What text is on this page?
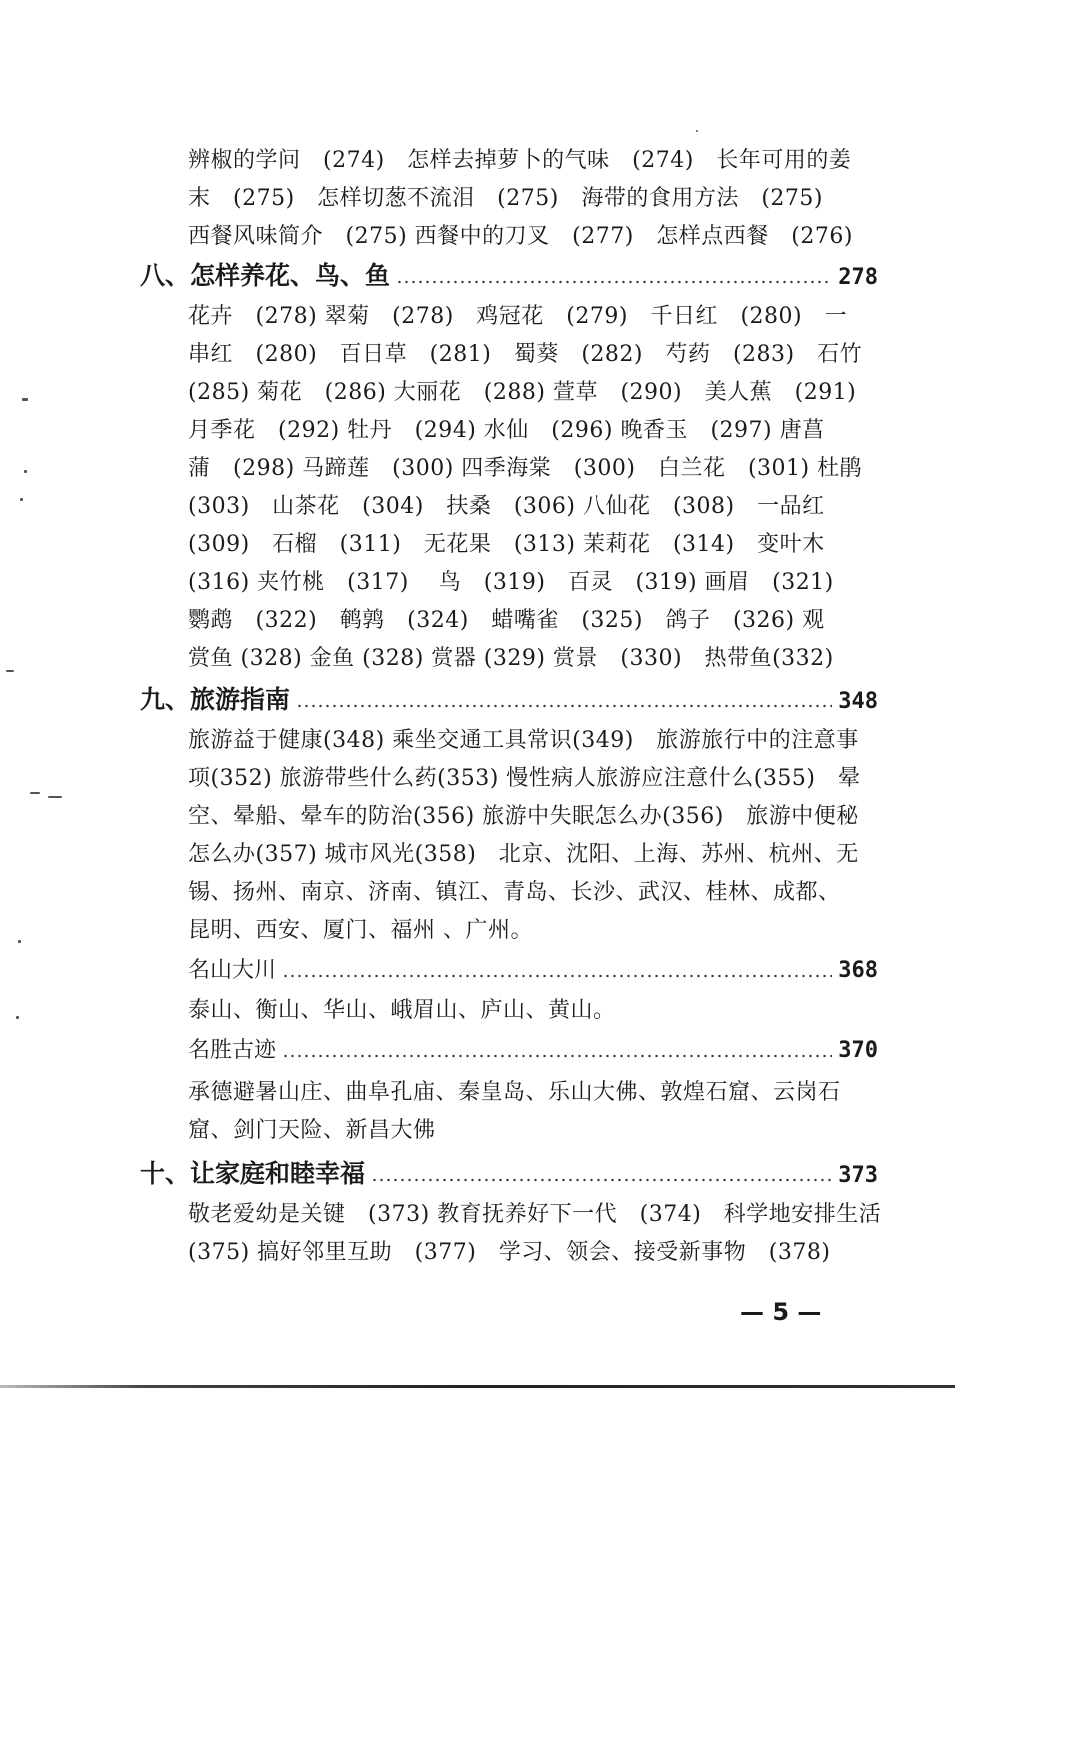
辨椒的学问　(274)　怎样去掉萝卜的气味　(274)　长年可用的姜
末　(275)　怎样切葱不流泪　(275)　海带的食用方法　(275)
西餐风味简介　(275) 西餐中的刀叉　(277)　怎样点西餐　(276)
八、怎样养花、鸟、鱼	278
花卉　(278) 翠菊　(278)　鸡冠花　(279)　千日红　(280)　一
串红　(280)　百日草　(281)　蜀葵　(282)　芍药　(283)　石竹
(285) 菊花　(286) 大丽花　(288) 萱草　(290)　美人蕉　(291)
月季花　(292) 牡丹　(294) 水仙　(296) 晚香玉　(297) 唐菖
蒲　(298) 马蹄莲　(300) 四季海棠　(300)　白兰花　(301) 杜鹃
(303)　山茶花　(304)　扶桑　(306) 八仙花　(308)　一品红
(309)　石榴　(311)　无花果　(313) 茉莉花　(314)　变叶木
(316) 夹竹桃　(317)　 鸟　(319)　百灵　(319) 画眉　(321)
鹦鹉　(322)　鹌鹑　(324)　蜡嘴雀　(325)　鸽子　(326) 观
赏鱼 (328) 金鱼 (328) 赏器 (329) 赏景　(330)　热带鱼(332)
九、旅游指南	348
旅游益于健康(348) 乘坐交通工具常识(349)　旅游旅行中的注意事
项(352) 旅游带些什么药(353) 慢性病人旅游应注意什么(355)　晕
空、晕船、晕车的防治(356) 旅游中失眠怎么办(356)　旅游中便秘
怎么办(357) 城市风光(358)　北京、沈阳、上海、苏州、杭州、无
锡、扬州、南京、济南、镇江、青岛、长沙、武汉、桂林、成都、
昆明、西安、厦门、福州 、广州。
名山大川	368
泰山、衡山、华山、峨眉山、庐山、黄山。
名胜古迹	370
承德避暑山庄、曲阜孔庙、秦皇岛、乐山大佛、敦煌石窟、云岗石
窟、剑门天险、新昌大佛
十、让家庭和睦幸福	373
敬老爱幼是关键　(373) 教育抚养好下一代　(374)　科学地安排生活
(375) 搞好邻里互助　(377)　学习、领会、接受新事物　(378)
— 5 —
